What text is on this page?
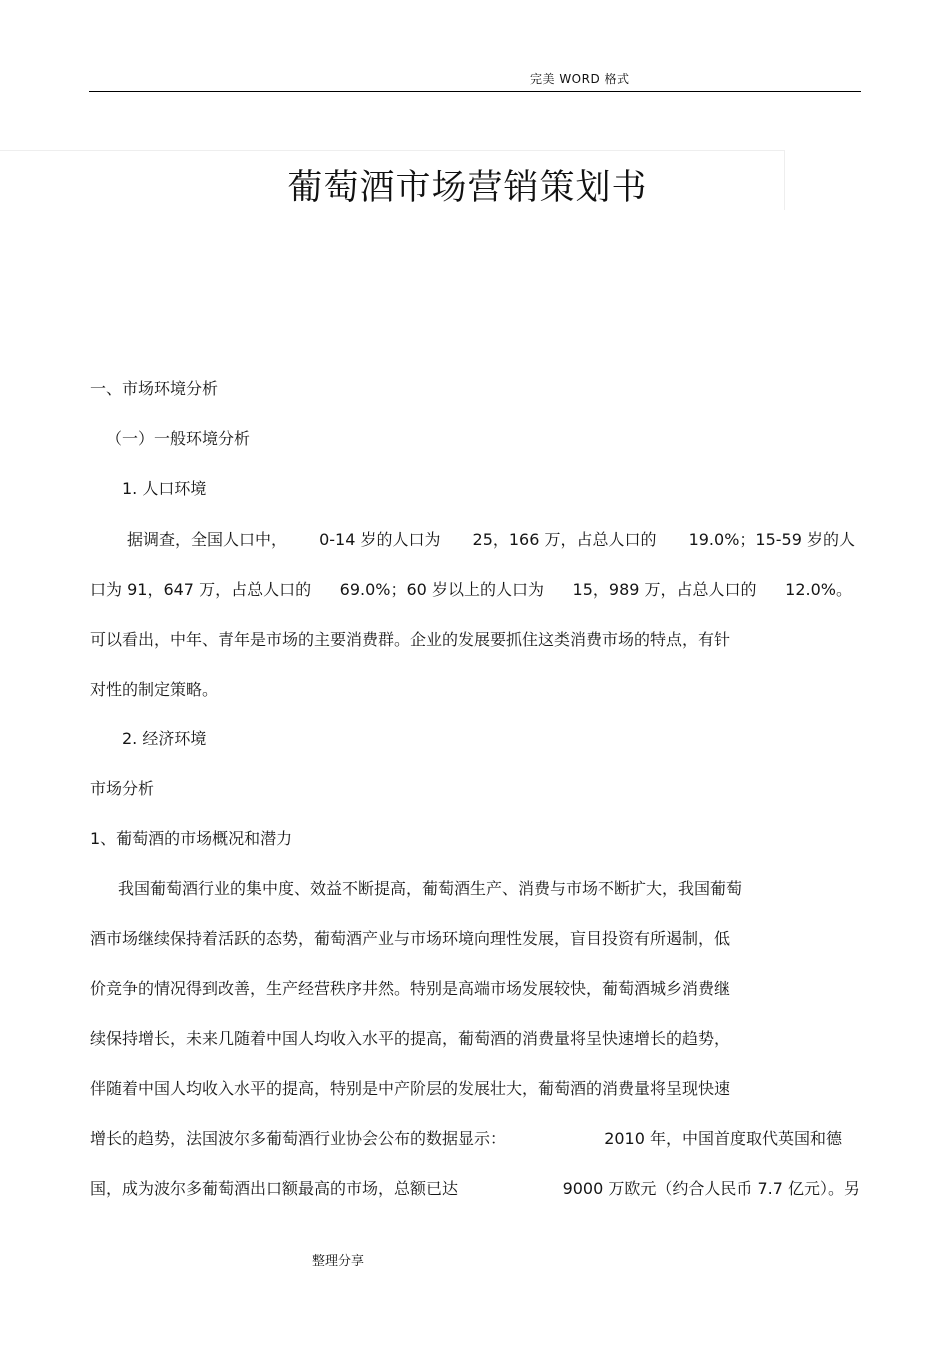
完美 WORD 格式
葡萄酒市场营销策划书
一、市场环境分析
（一）一般环境分析
1. 人口环境
据调查，全国人口中， 0-14 岁的人口为 25，166 万，占总人口的 19.0%；15-59 岁的人
口为 91，647 万，占总人口的 69.0%；60 岁以上的人口为 15，989 万，占总人口的 12.0%。
可以看出，中年、青年是市场的主要消费群。企业的发展要抓住这类消费市场的特点，有针
对性的制定策略。
2. 经济环境
市场分析
1、葡萄酒的市场概况和潜力
我国葡萄酒行业的集中度、效益不断提高，葡萄酒生产、消费与市场不断扩大，我国葡萄
酒市场继续保持着活跃的态势，葡萄酒产业与市场环境向理性发展，盲目投资有所遏制，低
价竞争的情况得到改善，生产经营秩序井然。特别是高端市场发展较快，葡萄酒城乡消费继
续保持增长，未来几随着中国人均收入水平的提高，葡萄酒的消费量将呈快速增长的趋势，
伴随着中国人均收入水平的提高，特别是中产阶层的发展壮大，葡萄酒的消费量将呈现快速
增长的趋势，法国波尔多葡萄酒行业协会公布的数据显示：	2010 年，中国首度取代英国和德
国，成为波尔多葡萄酒出口额最高的市场，总额已达	9000 万欧元（约合人民币 7.7 亿元）。另
整理分享
